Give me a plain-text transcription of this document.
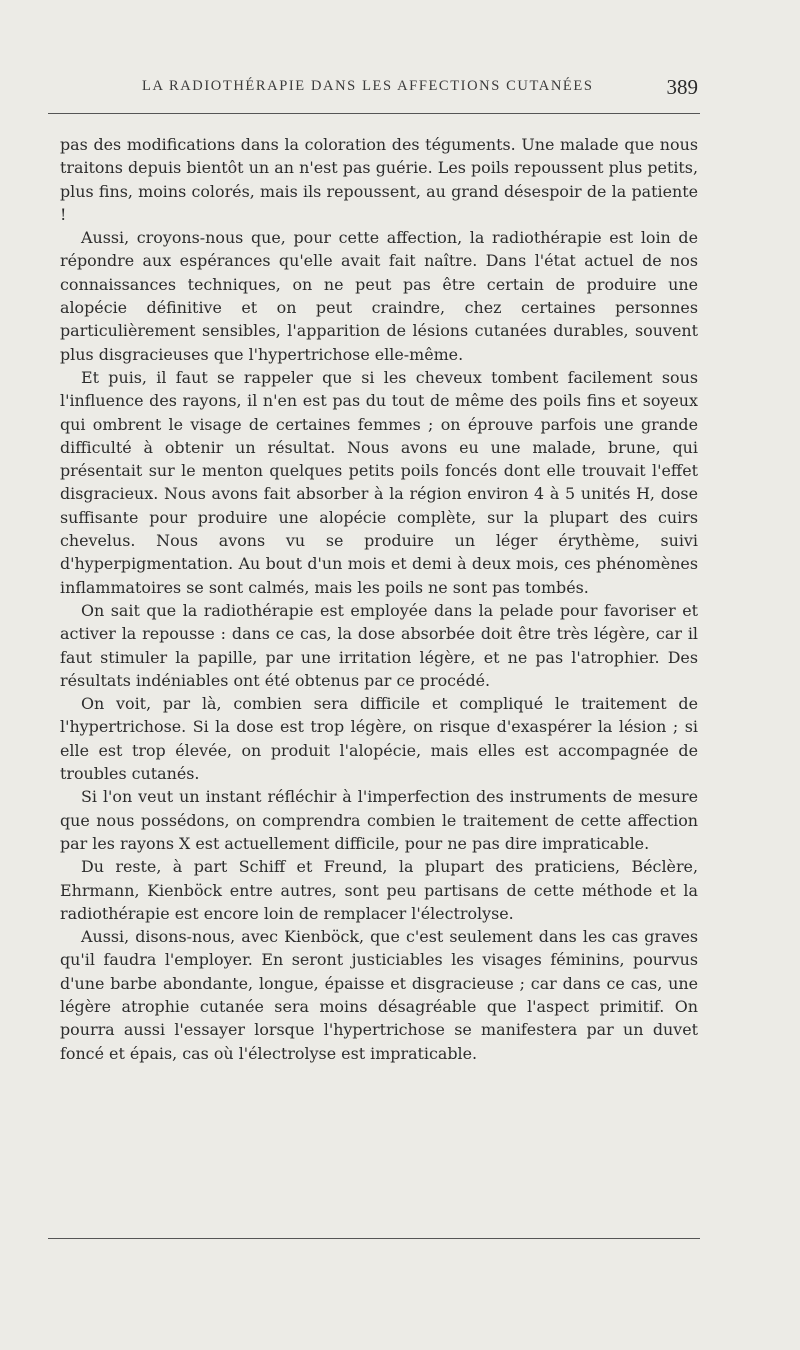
LA RADIOTHÉRAPIE DANS LES AFFECTIONS CUTANÉES	389

pas des modifications dans la coloration des téguments. Une malade que nous traitons depuis bientôt un an n'est pas guérie. Les poils repoussent plus petits, plus fins, moins colorés, mais ils repoussent, au grand désespoir de la patiente !

Aussi, croyons-nous que, pour cette affection, la radiothérapie est loin de répondre aux espérances qu'elle avait fait naître. Dans l'état actuel de nos connaissances techniques, on ne peut pas être certain de produire une alopécie définitive et on peut craindre, chez certaines personnes particulièrement sensibles, l'apparition de lésions cutanées durables, souvent plus disgracieuses que l'hypertrichose elle-même.

Et puis, il faut se rappeler que si les cheveux tombent facilement sous l'influence des rayons, il n'en est pas du tout de même des poils fins et soyeux qui ombrent le visage de certaines femmes ; on éprouve parfois une grande difficulté à obtenir un résultat. Nous avons eu une malade, brune, qui présentait sur le menton quelques petits poils foncés dont elle trouvait l'effet disgracieux. Nous avons fait absorber à la région environ 4 à 5 unités H, dose suffisante pour produire une alopécie complète, sur la plupart des cuirs chevelus. Nous avons vu se produire un léger érythème, suivi d'hyperpigmentation. Au bout d'un mois et demi à deux mois, ces phénomènes inflammatoires se sont calmés, mais les poils ne sont pas tombés.

On sait que la radiothérapie est employée dans la pelade pour favoriser et activer la repousse : dans ce cas, la dose absorbée doit être très légère, car il faut stimuler la papille, par une irritation légère, et ne pas l'atrophier. Des résultats indéniables ont été obtenus par ce procédé.

On voit, par là, combien sera difficile et compliqué le traitement de l'hypertrichose. Si la dose est trop légère, on risque d'exaspérer la lésion ; si elle est trop élevée, on produit l'alopécie, mais elles est accompagnée de troubles cutanés.

Si l'on veut un instant réfléchir à l'imperfection des instruments de mesure que nous possédons, on comprendra combien le traitement de cette affection par les rayons X est actuellement difficile, pour ne pas dire impraticable.

Du reste, à part Schiff et Freund, la plupart des praticiens, Béclère, Ehrmann, Kienböck entre autres, sont peu partisans de cette méthode et la radiothérapie est encore loin de remplacer l'électrolyse.

Aussi, disons-nous, avec Kienböck, que c'est seulement dans les cas graves qu'il faudra l'employer. En seront justiciables les visages féminins, pourvus d'une barbe abondante, longue, épaisse et disgracieuse ; car dans ce cas, une légère atrophie cutanée sera moins désagréable que l'aspect primitif. On pourra aussi l'essayer lorsque l'hypertrichose se manifestera par un duvet foncé et épais, cas où l'électrolyse est impraticable.
